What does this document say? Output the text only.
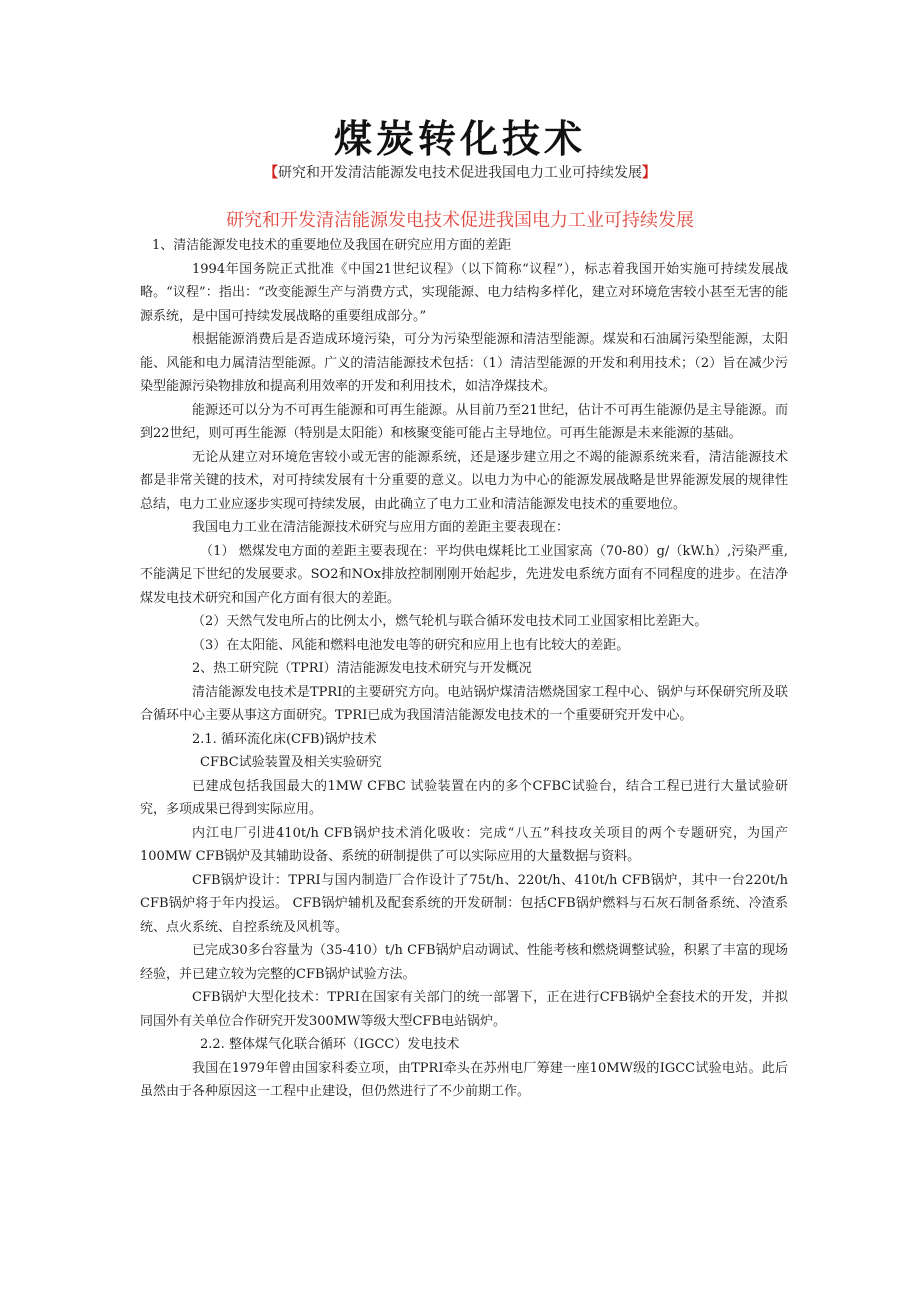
煤炭转化技术
【研究和开发清洁能源发电技术促进我国电力工业可持续发展】
研究和开发清洁能源发电技术促进我国电力工业可持续发展

1、清洁能源发电技术的重要地位及我国在研究应用方面的差距

1994年国务院正式批准《中国21世纪议程》（以下简称“议程”），标志着我国开始实施可持续发展战略。“议程”：指出：“改变能源生产与消费方式，实现能源、电力结构多样化，建立对环境危害较小甚至无害的能源系统，是中国可持续发展战略的重要组成部分。”

根据能源消费后是否造成环境污染，可分为污染型能源和清洁型能源。煤炭和石油属污染型能源，太阳能、风能和电力属清洁型能源。广义的清洁能源技术包括：（1）清洁型能源的开发和利用技术；（2）旨在减少污染型能源污染物排放和提高利用效率的开发和利用技术，如洁净煤技术。

能源还可以分为不可再生能源和可再生能源。从目前乃至21世纪，估计不可再生能源仍是主导能源。而到22世纪，则可再生能源（特别是太阳能）和核聚变能可能占主导地位。可再生能源是未来能源的基础。

无论从建立对环境危害较小或无害的能源系统，还是逐步建立用之不竭的能源系统来看，清洁能源技术都是非常关键的技术，对可持续发展有十分重要的意义。以电力为中心的能源发展战略是世界能源发展的规律性总结，电力工业应逐步实现可持续发展，由此确立了电力工业和清洁能源发电技术的重要地位。

我国电力工业在清洁能源技术研究与应用方面的差距主要表现在：

（1） 燃煤发电方面的差距主要表现在：平均供电煤耗比工业国家高（70-80）g/（kW.h）,污染严重,不能满足下世纪的发展要求。SO2和NOx排放控制刚刚开始起步，先进发电系统方面有不同程度的进步。在洁净煤发电技术研究和国产化方面有很大的差距。

（2）天然气发电所占的比例太小，燃气轮机与联合循环发电技术同工业国家相比差距大。

（3）在太阳能、风能和燃料电池发电等的研究和应用上也有比较大的差距。

2、热工研究院（TPRI）清洁能源发电技术研究与开发概况

清洁能源发电技术是TPRI的主要研究方向。电站锅炉煤清洁燃烧国家工程中心、锅炉与环保研究所及联合循环中心主要从事这方面研究。TPRI已成为我国清洁能源发电技术的一个重要研究开发中心。

2.1. 循环流化床(CFB)锅炉技术

CFBC试验装置及相关实验研究

已建成包括我国最大的1MW CFBC 试验装置在内的多个CFBC试验台，结合工程已进行大量试验研究，多项成果已得到实际应用。

内江电厂引进410t/h CFB锅炉技术消化吸收：完成“八五”科技攻关项目的两个专题研究，为国产100MW CFB锅炉及其辅助设备、系统的研制提供了可以实际应用的大量数据与资料。

CFB锅炉设计：TPRI与国内制造厂合作设计了75t/h、220t/h、410t/h CFB锅炉，其中一台220t/h CFB锅炉将于年内投运。 CFB锅炉辅机及配套系统的开发研制：包括CFB锅炉燃料与石灰石制备系统、冷渣系统、点火系统、自控系统及风机等。

已完成30多台容量为（35-410）t/h CFB锅炉启动调试、性能考核和燃烧调整试验，积累了丰富的现场经验，并已建立较为完整的CFB锅炉试验方法。

CFB锅炉大型化技术：TPRI在国家有关部门的统一部署下，正在进行CFB锅炉全套技术的开发，并拟同国外有关单位合作研究开发300MW等级大型CFB电站锅炉。

2.2. 整体煤气化联合循环（IGCC）发电技术

我国在1979年曾由国家科委立项，由TPRI牵头在苏州电厂筹建一座10MW级的IGCC试验电站。此后虽然由于各种原因这一工程中止建设，但仍然进行了不少前期工作。
